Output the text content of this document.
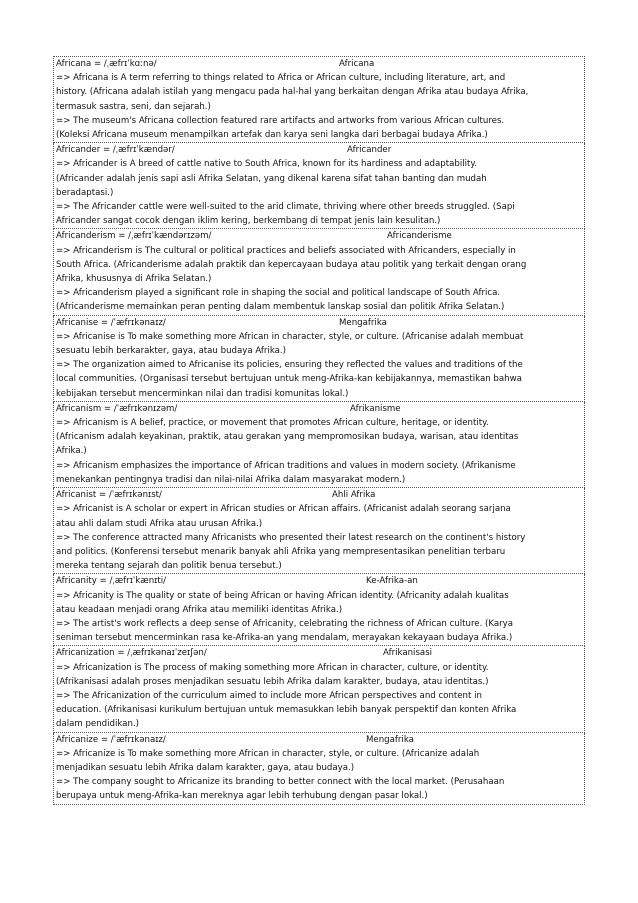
Africana = /ˌæfrɪˈkɑːnə/	Africana
=> Africana is A term referring to things related to Africa or African culture, including literature, art, and
history. (Africana adalah istilah yang mengacu pada hal-hal yang berkaitan dengan Afrika atau budaya Afrika,
termasuk sastra, seni, dan sejarah.)
=> The museum's Africana collection featured rare artifacts and artworks from various African cultures.
(Koleksi Africana museum menampilkan artefak dan karya seni langka dari berbagai budaya Afrika.)
Africander = /ˌæfrɪˈkændər/	Africander
=> Africander is A breed of cattle native to South Africa, known for its hardiness and adaptability.
(Africander adalah jenis sapi asli Afrika Selatan, yang dikenal karena sifat tahan banting dan mudah
beradaptasi.)
=> The Africander cattle were well-suited to the arid climate, thriving where other breeds struggled. (Sapi
Africander sangat cocok dengan iklim kering, berkembang di tempat jenis lain kesulitan.)
Africanderism = /ˌæfrɪˈkændərɪzəm/	Africanderisme
=> Africanderism is The cultural or political practices and beliefs associated with Africanders, especially in
South Africa. (Africanderisme adalah praktik dan kepercayaan budaya atau politik yang terkait dengan orang
Afrika, khususnya di Afrika Selatan.)
=> Africanderism played a significant role in shaping the social and political landscape of South Africa.
(Africanderisme memainkan peran penting dalam membentuk lanskap sosial dan politik Afrika Selatan.)
Africanise = /ˈæfrɪkənaɪz/	Mengafrika
=> Africanise is To make something more African in character, style, or culture. (Africanise adalah membuat
sesuatu lebih berkarakter, gaya, atau budaya Afrika.)
=> The organization aimed to Africanise its policies, ensuring they reflected the values and traditions of the
local communities. (Organisasi tersebut bertujuan untuk meng-Afrika-kan kebijakannya, memastikan bahwa
kebijakan tersebut mencerminkan nilai dan tradisi komunitas lokal.)
Africanism = /ˈæfrɪkənɪzəm/	Afrikanisme
=> Africanism is A belief, practice, or movement that promotes African culture, heritage, or identity.
(Africanism adalah keyakinan, praktik, atau gerakan yang mempromosikan budaya, warisan, atau identitas
Afrika.)
=> Africanism emphasizes the importance of African traditions and values in modern society. (Afrikanisme
menekankan pentingnya tradisi dan nilai-nilai Afrika dalam masyarakat modern.)
Africanist = /ˈæfrɪkənɪst/	Ahli Afrika
=> Africanist is A scholar or expert in African studies or African affairs. (Africanist adalah seorang sarjana
atau ahli dalam studi Afrika atau urusan Afrika.)
=> The conference attracted many Africanists who presented their latest research on the continent's history
and politics. (Konferensi tersebut menarik banyak ahli Afrika yang mempresentasikan penelitian terbaru
mereka tentang sejarah dan politik benua tersebut.)
Africanity = /ˌæfrɪˈkænɪti/	Ke-Afrika-an
=> Africanity is The quality or state of being African or having African identity. (Africanity adalah kualitas
atau keadaan menjadi orang Afrika atau memiliki identitas Afrika.)
=> The artist's work reflects a deep sense of Africanity, celebrating the richness of African culture. (Karya
seniman tersebut mencerminkan rasa ke-Afrika-an yang mendalam, merayakan kekayaan budaya Afrika.)
Africanization = /ˌæfrɪkənaɪˈzeɪʃən/	Afrikanisasi
=> Africanization is The process of making something more African in character, culture, or identity.
(Afrikanisasi adalah proses menjadikan sesuatu lebih Afrika dalam karakter, budaya, atau identitas.)
=> The Africanization of the curriculum aimed to include more African perspectives and content in
education. (Afrikanisasi kurikulum bertujuan untuk memasukkan lebih banyak perspektif dan konten Afrika
dalam pendidikan.)
Africanize = /ˈæfrɪkənaɪz/	Mengafrika
=> Africanize is To make something more African in character, style, or culture. (Africanize adalah
menjadikan sesuatu lebih Afrika dalam karakter, gaya, atau budaya.)
=> The company sought to Africanize its branding to better connect with the local market. (Perusahaan
berupaya untuk meng-Afrika-kan mereknya agar lebih terhubung dengan pasar lokal.)
